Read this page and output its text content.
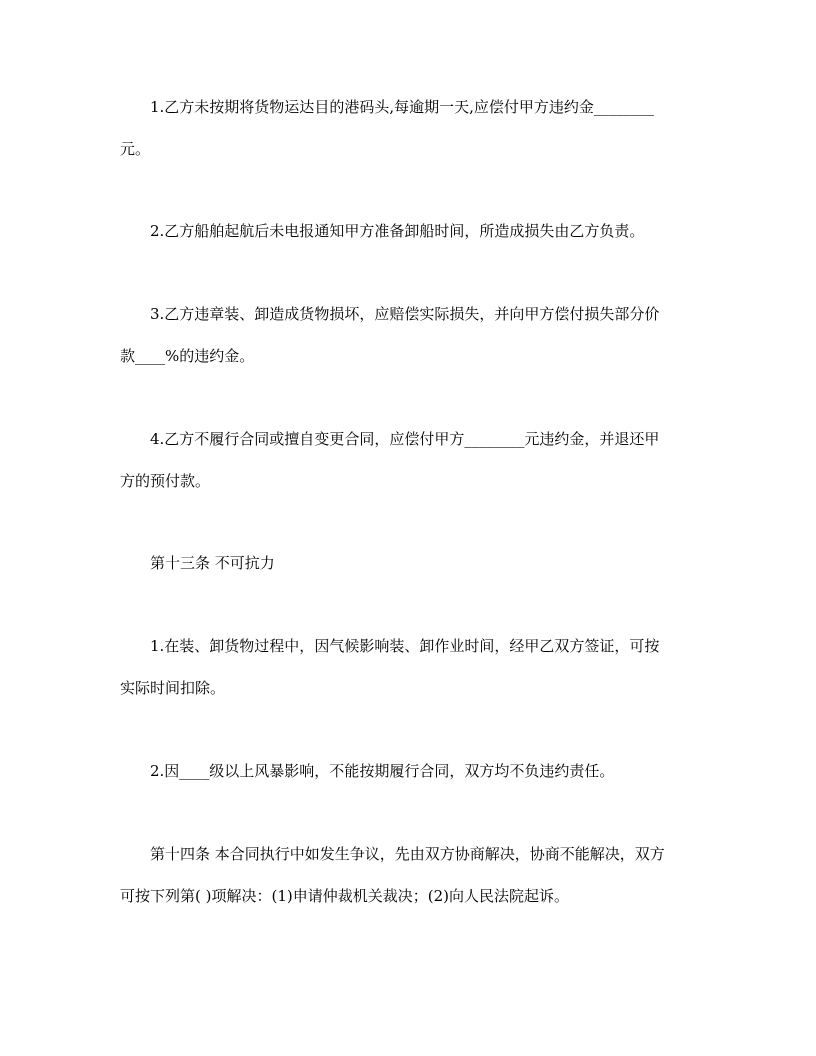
1.乙方未按期将货物运达目的港码头,每逾期一天,应偿付甲方违约金________
元。
2.乙方船舶起航后未电报通知甲方准备卸船时间，所造成损失由乙方负责。
3.乙方违章装、卸造成货物损坏，应赔偿实际损失，并向甲方偿付损失部分价
款____%的违约金。
4.乙方不履行合同或擅自变更合同，应偿付甲方________元违约金，并退还甲
方的预付款。
第十三条 不可抗力
1.在装、卸货物过程中，因气候影响装、卸作业时间，经甲乙双方签证，可按
实际时间扣除。
2.因____级以上风暴影响，不能按期履行合同，双方均不负违约责任。
第十四条 本合同执行中如发生争议，先由双方协商解决，协商不能解决，双方
可按下列第( )项解决：(1)申请仲裁机关裁决；(2)向人民法院起诉。
